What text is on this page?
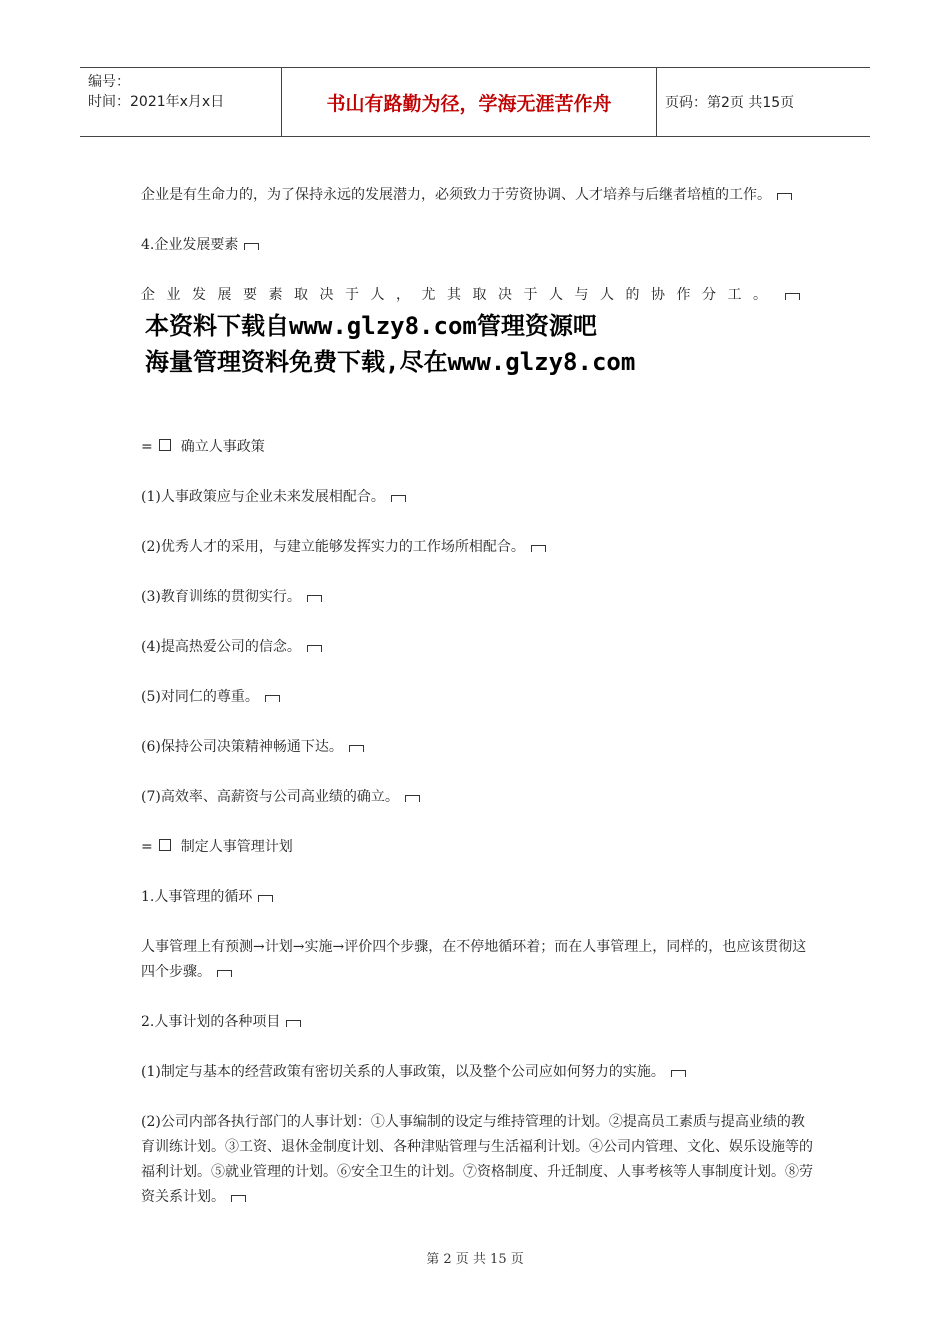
编号：
时间：2021年x月x日	书山有路勤为径，学海无涯苦作舟	页码：第2页 共15页

企业是有生命力的，为了保持永远的发展潜力，必须致力于劳资协调、人才培养与后继者培植的工作。

4.企业发展要素

企业发展要素取决于人，尤其取决于人与人的协作分工。

本资料下载自www.glzy8.com管理资源吧
海量管理资料免费下载,尽在www.glzy8.com

= 确立人事政策

(1)人事政策应与企业未来发展相配合。

(2)优秀人才的采用，与建立能够发挥实力的工作场所相配合。

(3)教育训练的贯彻实行。

(4)提高热爱公司的信念。

(5)对同仁的尊重。

(6)保持公司决策精神畅通下达。

(7)高效率、高薪资与公司高业绩的确立。

= 制定人事管理计划

1.人事管理的循环

人事管理上有预测→计划→实施→评价四个步骤，在不停地循环着；而在人事管理上，同样的，也应该贯彻这四个步骤。

2.人事计划的各种项目

(1)制定与基本的经营政策有密切关系的人事政策，以及整个公司应如何努力的实施。

(2)公司内部各执行部门的人事计划：①人事编制的设定与维持管理的计划。②提高员工素质与提高业绩的教育训练计划。③工资、退休金制度计划、各种津贴管理与生活福利计划。④公司内管理、文化、娱乐设施等的福利计划。⑤就业管理的计划。⑥安全卫生的计划。⑦资格制度、升迁制度、人事考核等人事制度计划。⑧劳资关系计划。

第 2 页 共 15 页
